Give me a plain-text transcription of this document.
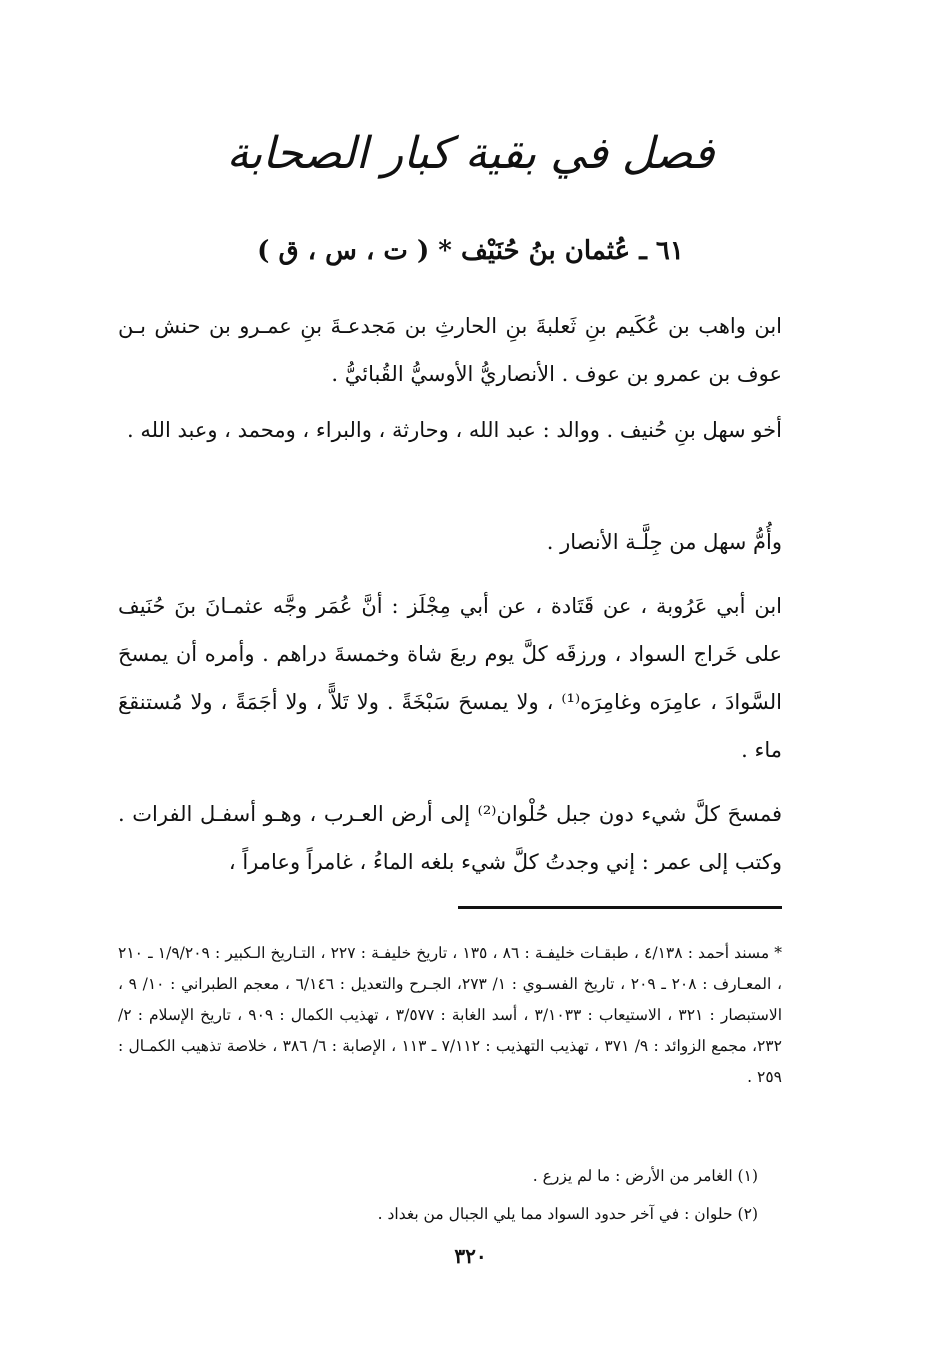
فصل في بقية كبار الصحابة
٦١ ـ عُثمان بنُ حُنَيْف * ( ت ، س ، ق )
ابن واهب بن عُكَيم بنِ ثَعلبةَ بنِ الحارثِ بن مَجدعـةَ بنِ عمـرو بن حنش بـن عوف بن عمرو بن عوف . الأنصاريُّ الأوسيُّ القُبائيُّ .
أخو سهل بنِ حُنيف . ووالد : عبد الله ، وحارثة ، والبراء ، ومحمد ، وعبد الله .
وأُمُّ سهل من جِلَّـة الأنصار .
ابن أبي عَرُوبة ، عن قَتَادة ، عن أبي مِجْلَز : أنَّ عُمَر وجَّه عثمـانَ بنَ حُنَيف على خَراج السواد ، ورزقَه كلَّ يوم ربعَ شاة وخمسةَ دراهم . وأمره أن يمسحَ السَّوادَ ، عامِرَه وغامِرَه⁽¹⁾ ، ولا يمسحَ سَبْخَةً . ولا تَلاًّ ، ولا أجَمَةً ، ولا مُستنقعَ ماء .
فمسحَ كلَّ شيء دون جبل حُلْوان⁽²⁾ إلى أرض العـرب ، وهـو أسفـل الفرات . وكتب إلى عمر : إني وجدتُ كلَّ شيء بلغه الماءُ ، غامراً وعامراً ،
* مسند أحمد : ٤/١٣٨ ، طبقـات خليفـة : ٨٦ ، ١٣٥ ، تاريخ خليفـة : ٢٢٧ ، التـاريخ الـكبير : ١/٩/٢٠٩ ـ ٢١٠ ، المعـارف : ٢٠٨ ـ ٢٠٩ ، تاريخ الفسـوي : ١/ ٢٧٣، الجـرح والتعديل : ٦/١٤٦ ، معجم الطبراني : ١٠/ ٩ ، الاستبصار : ٣٢١ ، الاستيعاب : ٣/١٠٣٣ ، أسد الغابة : ٣/٥٧٧ ، تهذيب الكمال : ٩٠٩ ، تاريخ الإسلام : ٢/ ٢٣٢، مجمع الزوائد : ٩/ ٣٧١ ، تهذيب التهذيب : ٧/١١٢ ـ ١١٣ ، الإصابة : ٦/ ٣٨٦ ، خلاصة تذهيب الكمـال : ٢٥٩ .
(١) الغامر من الأرض : ما لم يزرع .
(٢) حلوان : في آخر حدود السواد مما يلي الجبال من بغداد .
٣٢٠
